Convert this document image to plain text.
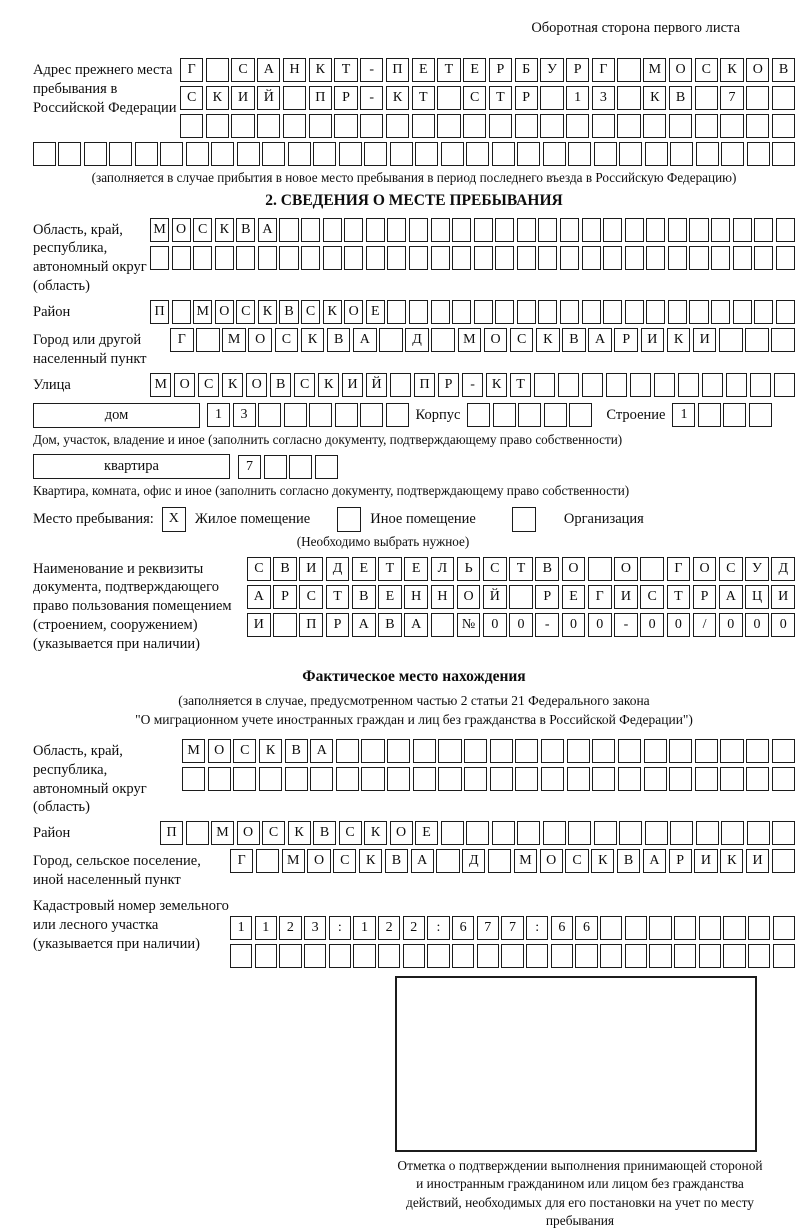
Оборотная сторона первого листа
Адрес прежнего места пребывания в Российской Федерации
Г	С	А	Н	К	Т	-	П	Е	Т	Е	Р	Б	У	Р	Г	М	О	С	К	О	В
С	К	И	Й	П	Р	-	К	Т	С	Т	Р	1	3	К	В	7
(заполняется в случае прибытия в новое место пребывания в период последнего въезда в Российскую Федерацию)
2. СВЕДЕНИЯ О МЕСТЕ ПРЕБЫВАНИЯ
Область, край, республика, автономный округ (область)
М О С К В А
Район	П	М О С К В С К О Е
Город или другой населенный пункт
Г	М	О	С	К	В	А	Д	М	О	С	К	В	А	Р	И	К	И
Улица	М О	С	К	О	В	С	К	И Й	П	Р	-	К	Т
дом	1	3	Корпус	Строение	1
Дом, участок, владение и иное (заполнить согласно документу, подтверждающему право собственности)
квартира	7
Квартира, комната, офис и иное (заполнить согласно документу, подтверждающему право собственности)
Место пребывания:	X	Жилое помещение	Иное помещение	Организация
(Необходимо выбрать нужное)
Наименование и реквизиты документа, подтверждающего право пользования помещением (строением, сооружением) (указывается при наличии)
С	В	И	Д	Е	Т	Е	Л	Ь	С	Т	В	О	О	Г	О	С	У	Д
А	Р	С	Т	В	Е	Н	Н	О	Й	Р	Е	Г	И	С	Т	Р	А	Ц	И
И	П	Р	А	В	А	№	0	0	-	0	0	-	0	0	/	0	0	0
Фактическое место нахождения
(заполняется в случае, предусмотренном частью 2 статьи 21 Федерального закона
"О миграционном учете иностранных граждан и лиц без гражданства в Российской Федерации")
Область, край, республика, автономный округ (область)
М	О	С	К	В	А
Район	П	М	О	С	К	В	С	К	О	Е
Город, сельское поселение, иной населенный пункт
Г	М	О	С	К	В	А	Д	М	О	С	К	В	А	Р	И	К	И
Кадастровый номер земельного или лесного участка (указывается при наличии)
1	1	2	3	:	1	2	2	:	6	7	7	:	6	6
Отметка о подтверждении выполнения принимающей стороной и иностранным гражданином или лицом без гражданства действий, необходимых для его постановки на учет по месту пребывания
